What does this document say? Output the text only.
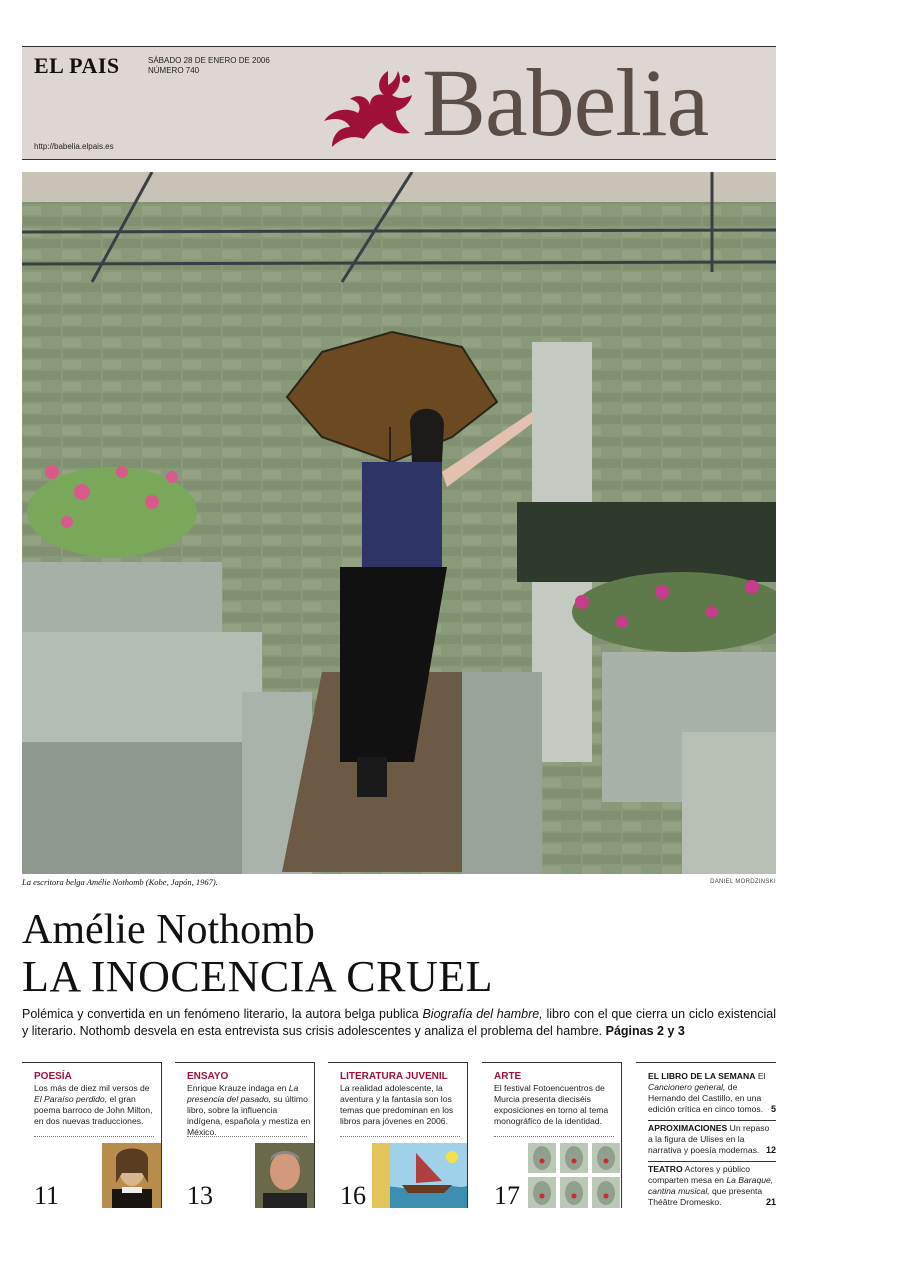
EL PAIS	SÁBADO 28 DE ENERO DE 2006
NÚMERO 740
http://babelia.elpais.es	Babelia
La escritora belga Amélie Nothomb (Kobe, Japón, 1967).	DANIEL MORDZINSKI
Amélie Nothomb
LA INOCENCIA CRUEL
Polémica y convertida en un fenómeno literario, la autora belga publica Biografía del hambre, libro con el que cierra un ciclo existencial y literario. Nothomb desvela en esta entrevista sus crisis adolescentes y analiza el problema del hambre. Páginas 2 y 3
POESÍA
Los más de diez mil versos de El Paraíso perdido, el gran poema barroco de John Milton, en dos nuevas traducciones.
11
ENSAYO
Enrique Krauze indaga en La presencia del pasado, su último libro, sobre la influencia indígena, española y mestiza en México.
13
LITERATURA JUVENIL
La realidad adolescente, la aventura y la fantasía son los temas que predominan en los libros para jóvenes en 2006.
16
ARTE
El festival Fotoencuentros de Murcia presenta dieciséis exposiciones en torno al tema monográfico de la identidad.
17
EL LIBRO DE LA SEMANA El Cancionero general, de Hernando del Castillo, en una edición crítica en cinco tomos. 5
APROXIMACIONES Un repaso a la figura de Ulises en la narrativa y poesía modernas. 12
TEATRO Actores y público comparten mesa en La Baraque, cantina musical, que presenta Théâtre Dromesko.	21
